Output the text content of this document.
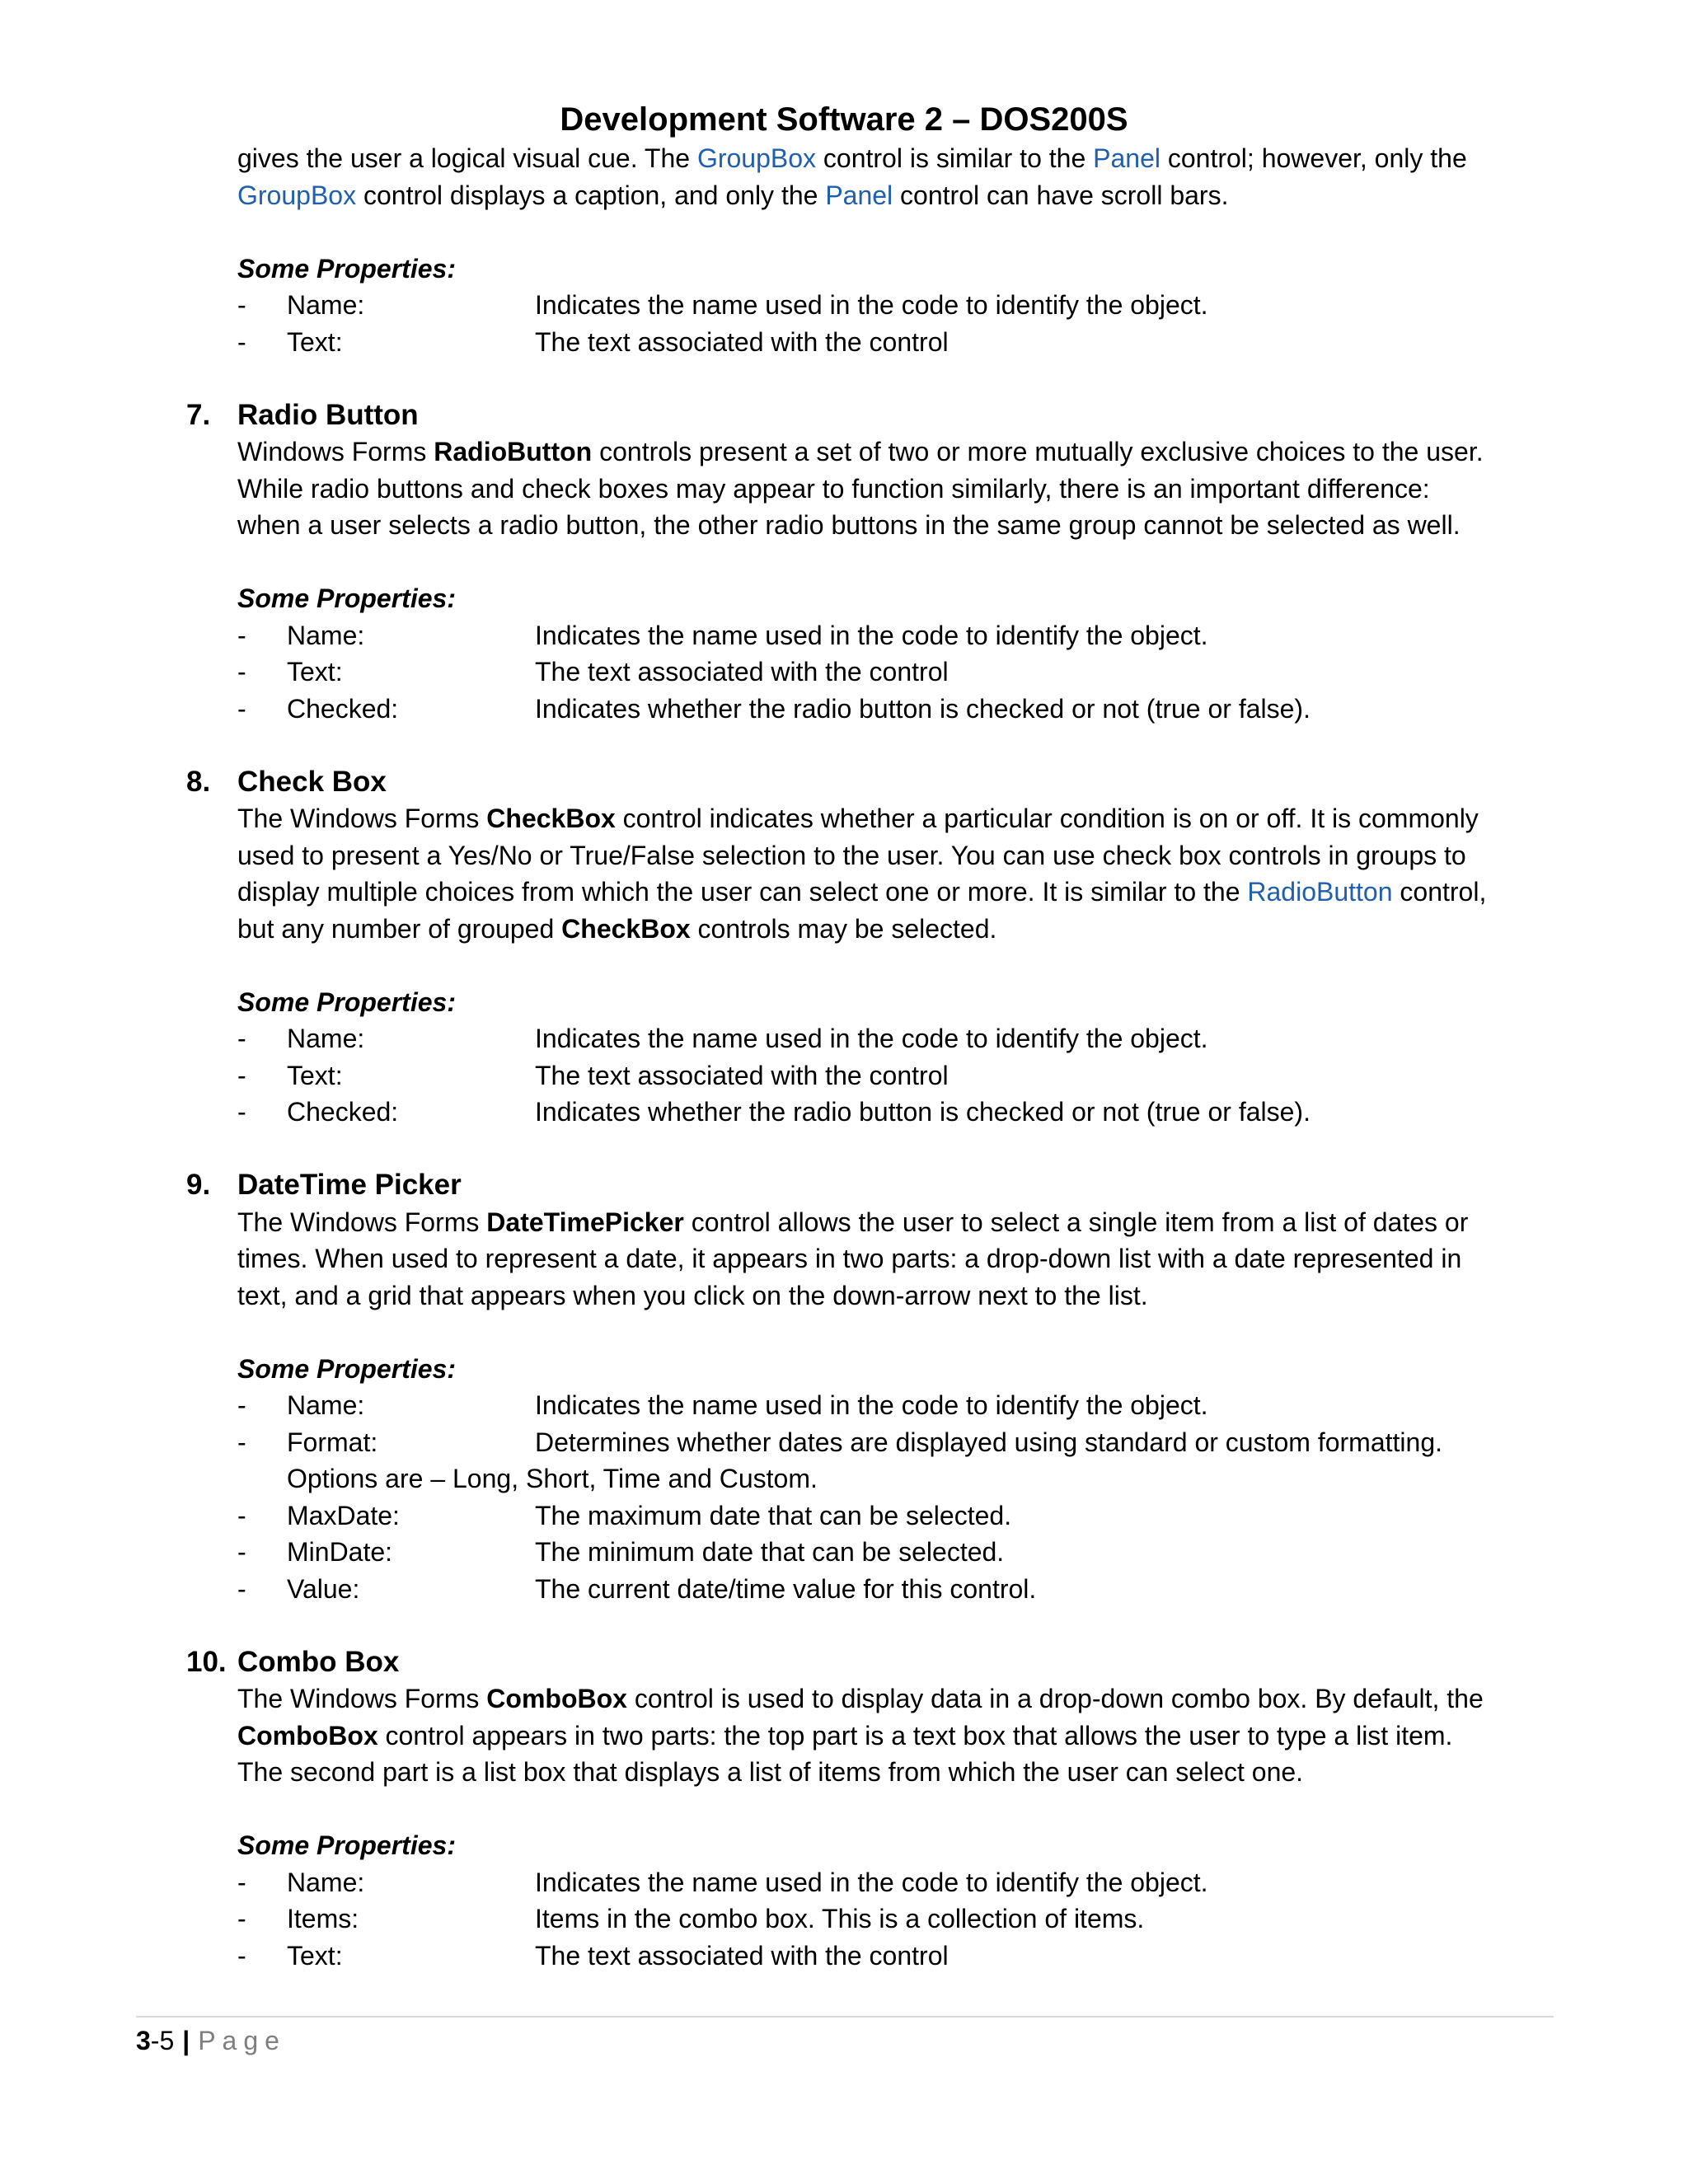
Development Software 2 – DOS200S

gives the user a logical visual cue. The GroupBox control is similar to the Panel control; however, only the

GroupBox control displays a caption, and only the Panel control can have scroll bars.

Some Properties:

- Name:	Indicates the name used in the code to identify the object.
- Text:	The text associated with the control
7. Radio Button

Windows Forms RadioButton controls present a set of two or more mutually exclusive choices to the user.

While radio buttons and check boxes may appear to function similarly, there is an important difference:

when a user selects a radio button, the other radio buttons in the same group cannot be selected as well.

Some Properties:

- Name:	Indicates the name used in the code to identify the object.
- Text:	The text associated with the control
- Checked:	Indicates whether the radio button is checked or not (true or false).
8. Check Box

The Windows Forms CheckBox control indicates whether a particular condition is on or off. It is commonly

used to present a Yes/No or True/False selection to the user. You can use check box controls in groups to

display multiple choices from which the user can select one or more. It is similar to the RadioButton control,

but any number of grouped CheckBox controls may be selected.

Some Properties:

- Name:	Indicates the name used in the code to identify the object.
- Text:	The text associated with the control
- Checked:	Indicates whether the radio button is checked or not (true or false).
9. DateTime Picker

The Windows Forms DateTimePicker control allows the user to select a single item from a list of dates or

times. When used to represent a date, it appears in two parts: a drop-down list with a date represented in

text, and a grid that appears when you click on the down-arrow next to the list.

Some Properties:

- Name:	Indicates the name used in the code to identify the object.
- Format:	Determines whether dates are displayed using standard or custom formatting.

Options are – Long, Short, Time and Custom.

- MaxDate:	The maximum date that can be selected.
- MinDate:	The minimum date that can be selected.
- Value:	The current date/time value for this control.
10. Combo Box

The Windows Forms ComboBox control is used to display data in a drop-down combo box. By default, the

ComboBox control appears in two parts: the top part is a text box that allows the user to type a list item.

The second part is a list box that displays a list of items from which the user can select one.

Some Properties:

- Name:	Indicates the name used in the code to identify the object.
- Items:	Items in the combo box. This is a collection of items.
- Text:	The text associated with the control
3-5 | Page
